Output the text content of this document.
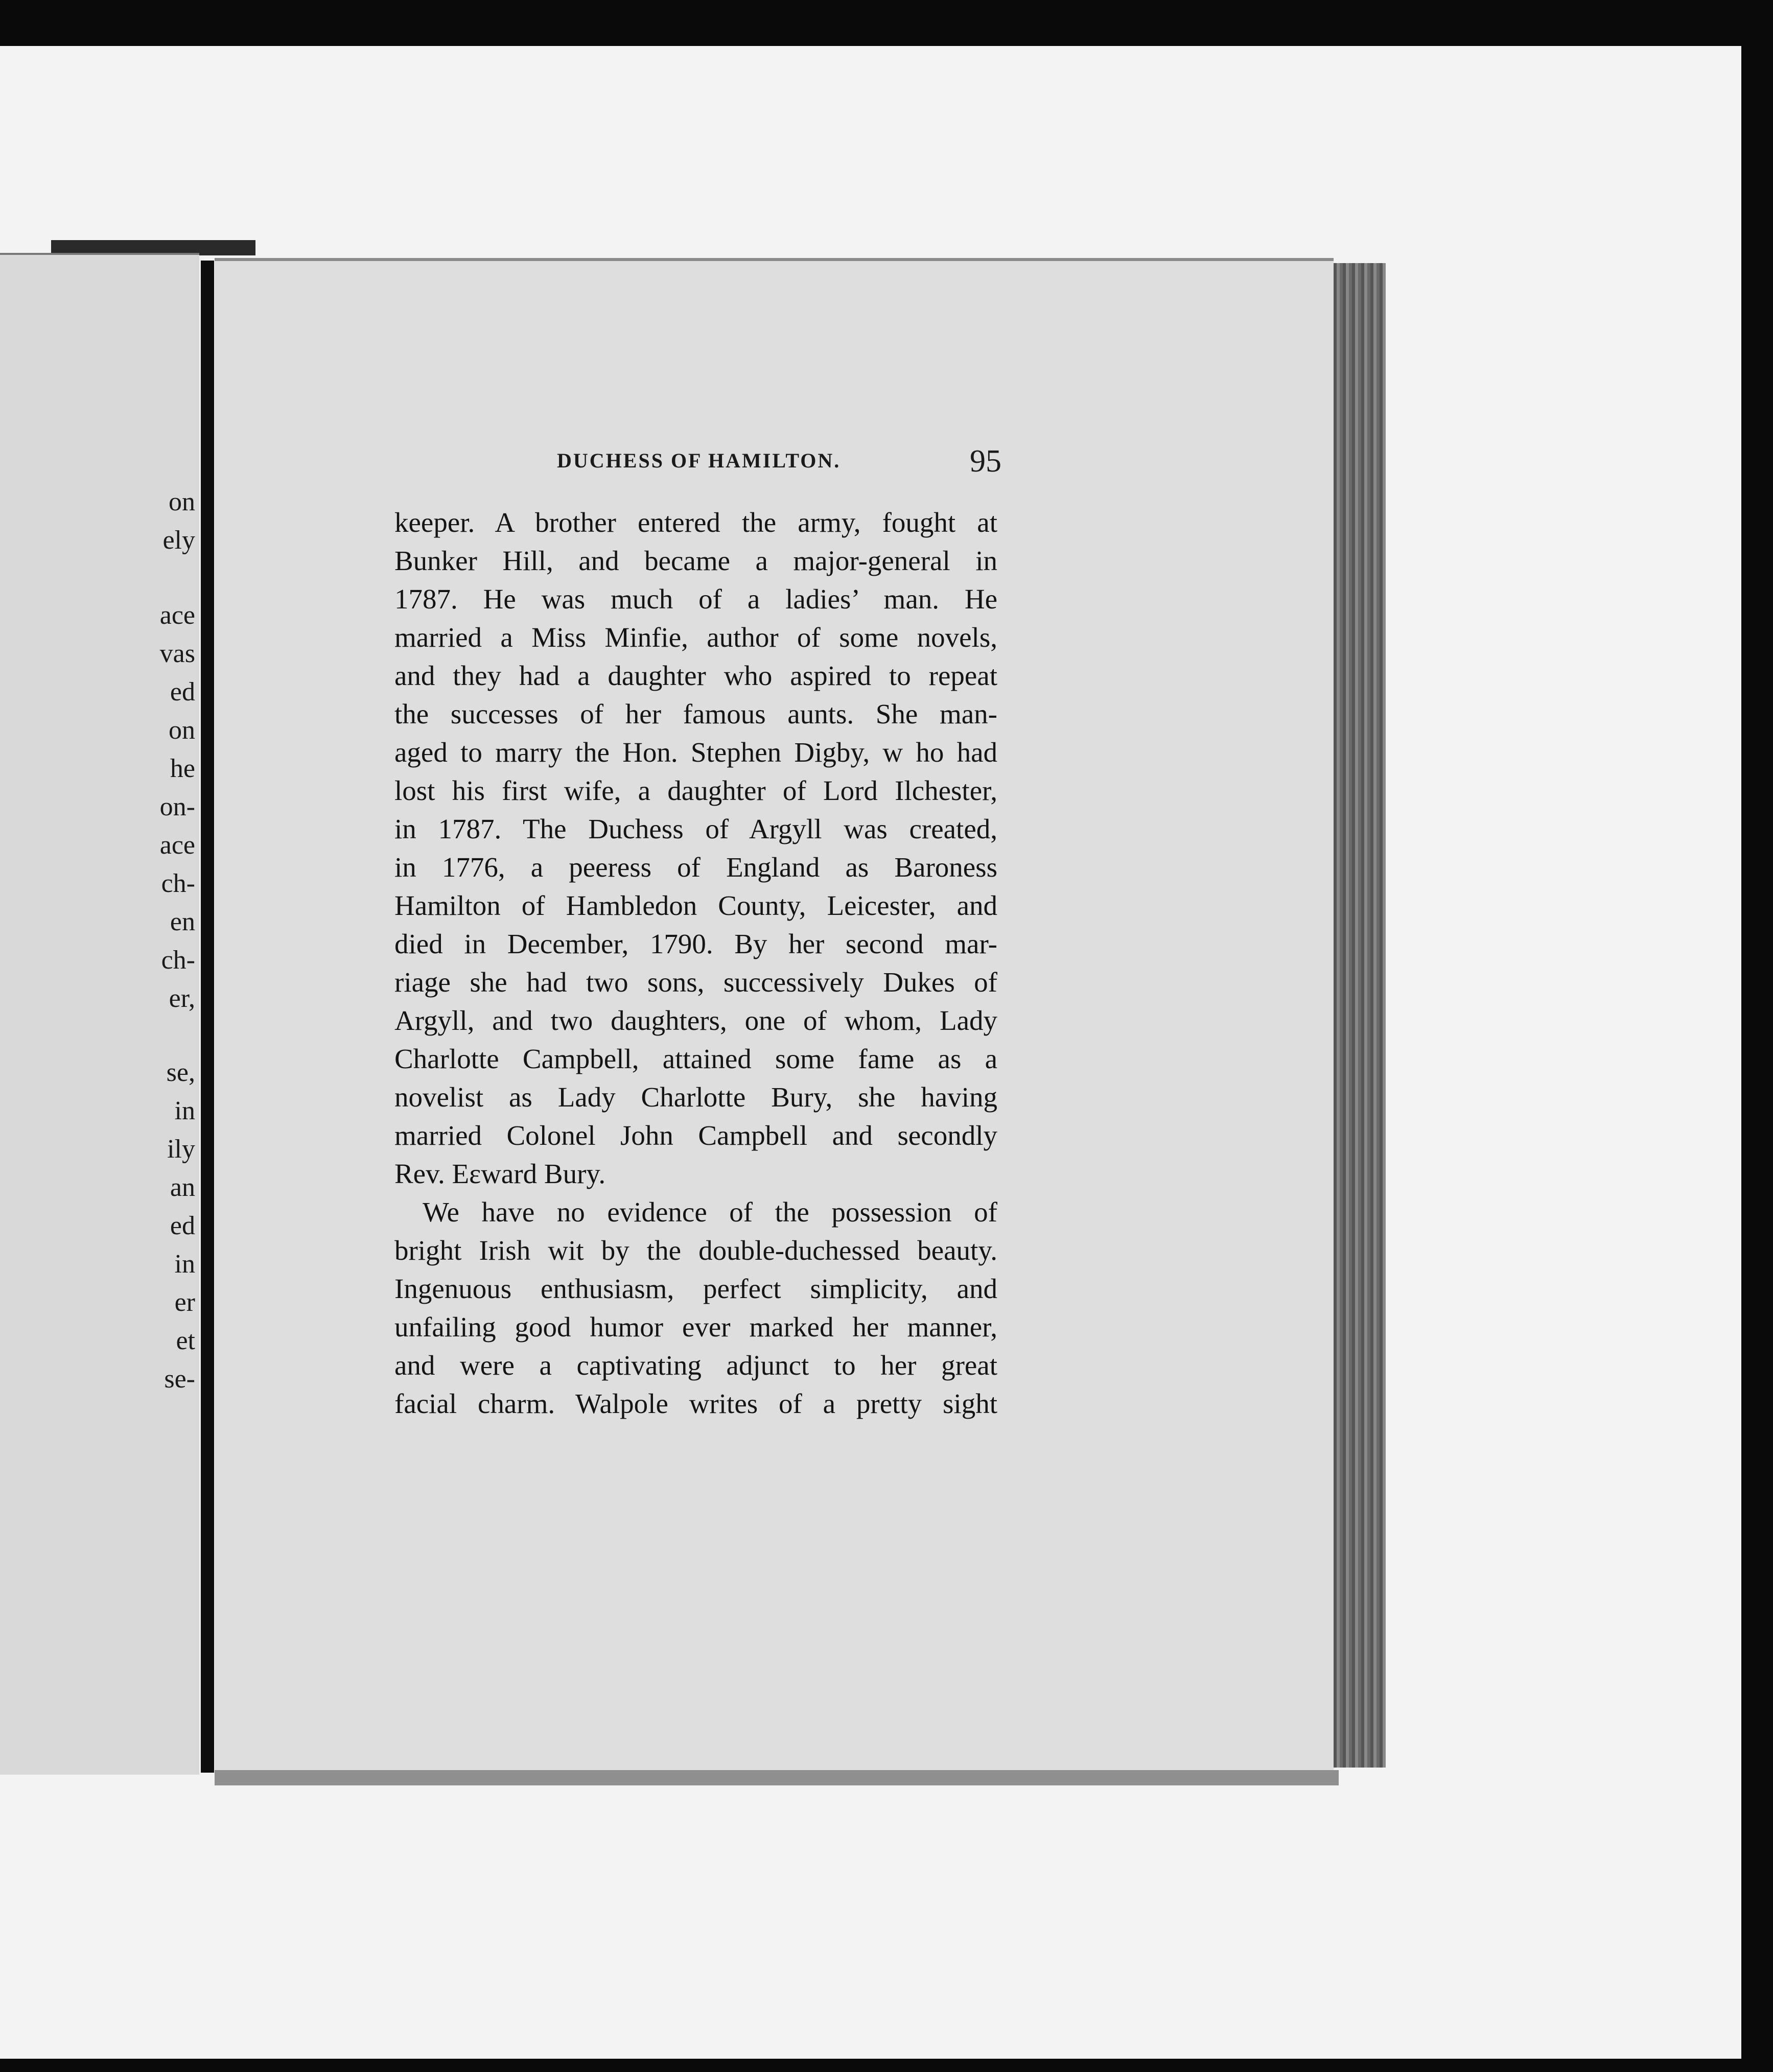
on
ely
ace
vas
ed
on
he
on-
ace
ch-
en
ch-
er,
se,
in
ily
an
ed
in
er
et
se-
DUCHESS OF HAMILTON.	95
keeper. A brother entered the army, fought at
Bunker Hill, and became a major-general in
1787. He was much of a ladies’ man. He
married a Miss Minfie, author of some novels,
and they had a daughter who aspired to repeat
the successes of her famous aunts. She man-
aged to marry the Hon. Stephen Digby, w ho had
lost his first wife, a daughter of Lord Ilchester,
in 1787. The Duchess of Argyll was created,
in 1776, a peeress of England as Baroness
Hamilton of Hambledon County, Leicester, and
died in December, 1790. By her second mar-
riage she had two sons, successively Dukes of
Argyll, and two daughters, one of whom, Lady
Charlotte Campbell, attained some fame as a
novelist as Lady Charlotte Bury, she having
married Colonel John Campbell and secondly
Rev. Eεward Bury.
We have no evidence of the possession of
bright Irish wit by the double-duchessed beauty.
Ingenuous enthusiasm, perfect simplicity, and
unfailing good humor ever marked her manner,
and were a captivating adjunct to her great
facial charm. Walpole writes of a pretty sight
